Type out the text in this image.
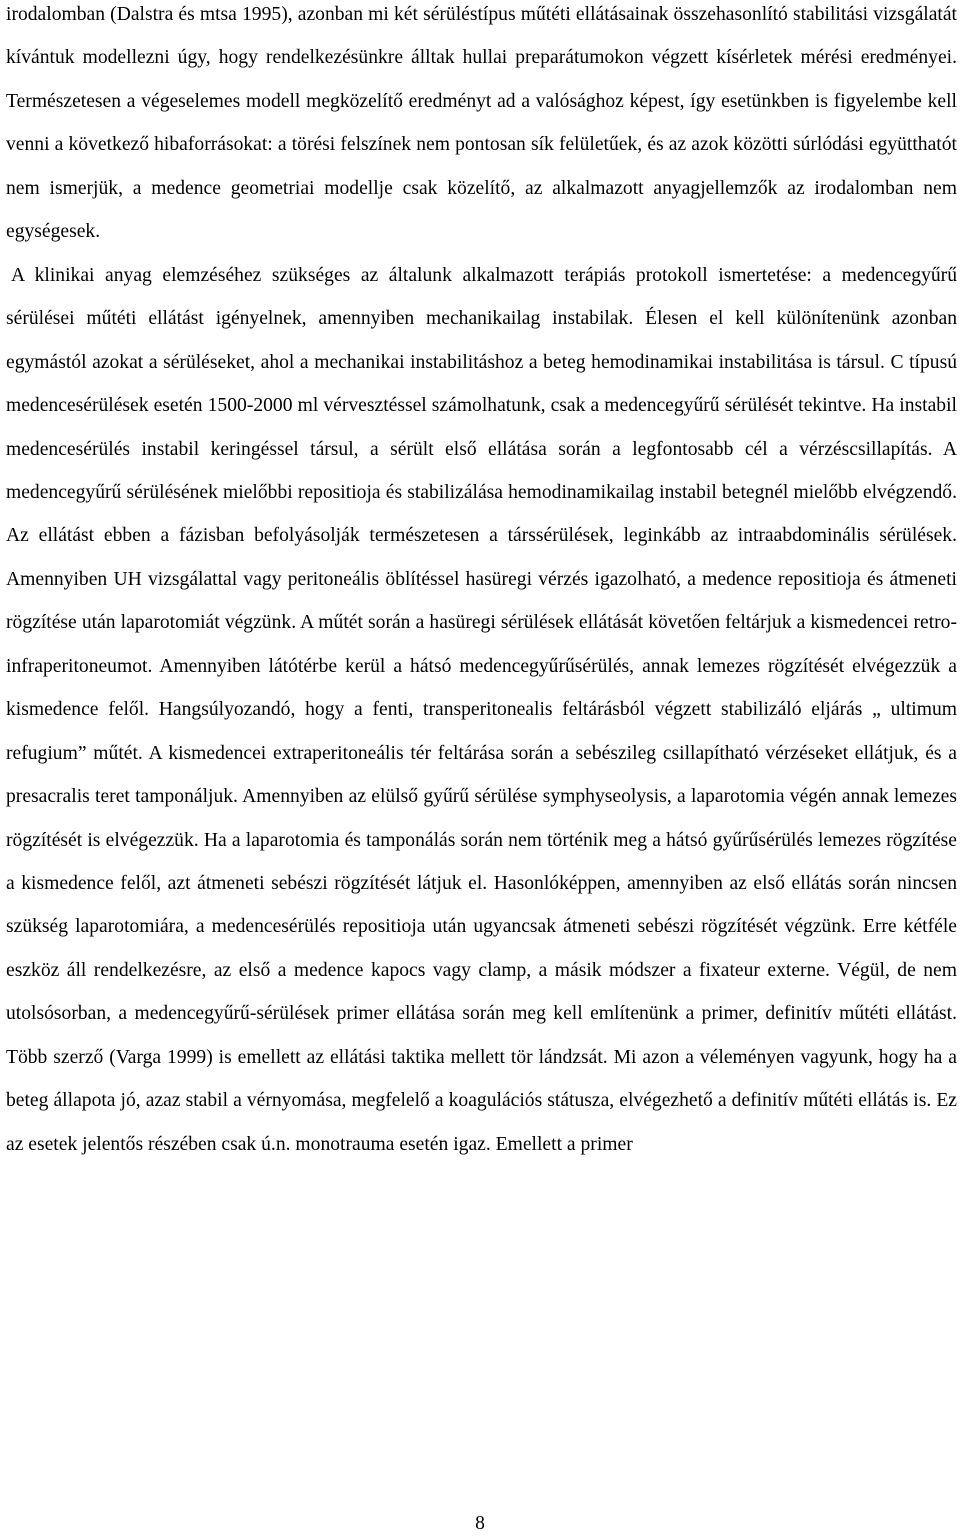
irodalomban (Dalstra és mtsa 1995), azonban mi két sérüléstípus műtéti ellátásainak összehasonlító stabilitási vizsgálatát kívántuk modellezni úgy, hogy rendelkezésünkre álltak hullai preparátumokon végzett kísérletek mérési eredményei. Természetesen a végeselemes modell megközelítő eredményt ad a valósághoz képest, így esetünkben is figyelembe kell venni a következő hibaforrásokat: a törési felszínek nem pontosan sík felületűek, és az azok közötti súrlódási együtthatót nem ismerjük, a medence geometriai modellje csak közelítő, az alkalmazott anyagjellemzők az irodalomban nem egységesek.

A klinikai anyag elemzéséhez szükséges az általunk alkalmazott terápiás protokoll ismertetése: a medencegyűrű sérülései műtéti ellátást igényelnek, amennyiben mechanikailag instabilak. Élesen el kell különítenünk azonban egymástól azokat a sérüléseket, ahol a mechanikai instabilitáshoz a beteg hemodinamikai instabilitása is társul. C típusú medencesérülések esetén 1500-2000 ml vérvesztéssel számolhatunk, csak a medencegyűrű sérülését tekintve. Ha instabil medencesérülés instabil keringéssel társul, a sérült első ellátása során a legfontosabb cél a vérzéscsillapítás. A medencegyűrű sérülésének mielőbbi repositioja és stabilizálása hemodinamikailag instabil betegnél mielőbb elvégzendő. Az ellátást ebben a fázisban befolyásolják természetesen a társsérülések, leginkább az intraabdominális sérülések. Amennyiben UH vizsgálattal vagy peritoneális öblítéssel hasüregi vérzés igazolható, a medence repositioja és átmeneti rögzítése után laparotomiát végzünk. A műtét során a hasüregi sérülések ellátását követően feltárjuk a kismedencei retro-infraperitoneumot. Amennyiben látótérbe kerül a hátsó medencegyűrűsérülés, annak lemezes rögzítését elvégezzük a kismedence felől. Hangsúlyozandó, hogy a fenti, transperitonealis feltárásból végzett stabilizáló eljárás „ ultimum refugium” műtét. A kismedencei extraperitoneális tér feltárása során a sebészileg csillapítható vérzéseket ellátjuk, és a presacralis teret tamponáljuk. Amennyiben az elülső gyűrű sérülése symphyseolysis, a laparotomia végén annak lemezes rögzítését is elvégezzük. Ha a laparotomia és tamponálás során nem történik meg a hátsó gyűrűsérülés lemezes rögzítése a kismedence felől, azt átmeneti sebészi rögzítését látjuk el. Hasonlóképpen, amennyiben az első ellátás során nincsen szükség laparotomiára, a medencesérülés repositioja után ugyancsak átmeneti sebészi rögzítését végzünk. Erre kétféle eszköz áll rendelkezésre, az első a medence kapocs vagy clamp, a másik módszer a fixateur externe. Végül, de nem utolsósorban, a medencegyűrű-sérülések primer ellátása során meg kell említenünk a primer, definitív műtéti ellátást. Több szerző (Varga 1999) is emellett az ellátási taktika mellett tör lándzsát. Mi azon a véleményen vagyunk, hogy ha a beteg állapota jó, azaz stabil a vérnyomása, megfelelő a koagulációs státusza, elvégezhető a definitív műtéti ellátás is. Ez az esetek jelentős részében csak ú.n. monotrauma esetén igaz. Emellett a primer

8
